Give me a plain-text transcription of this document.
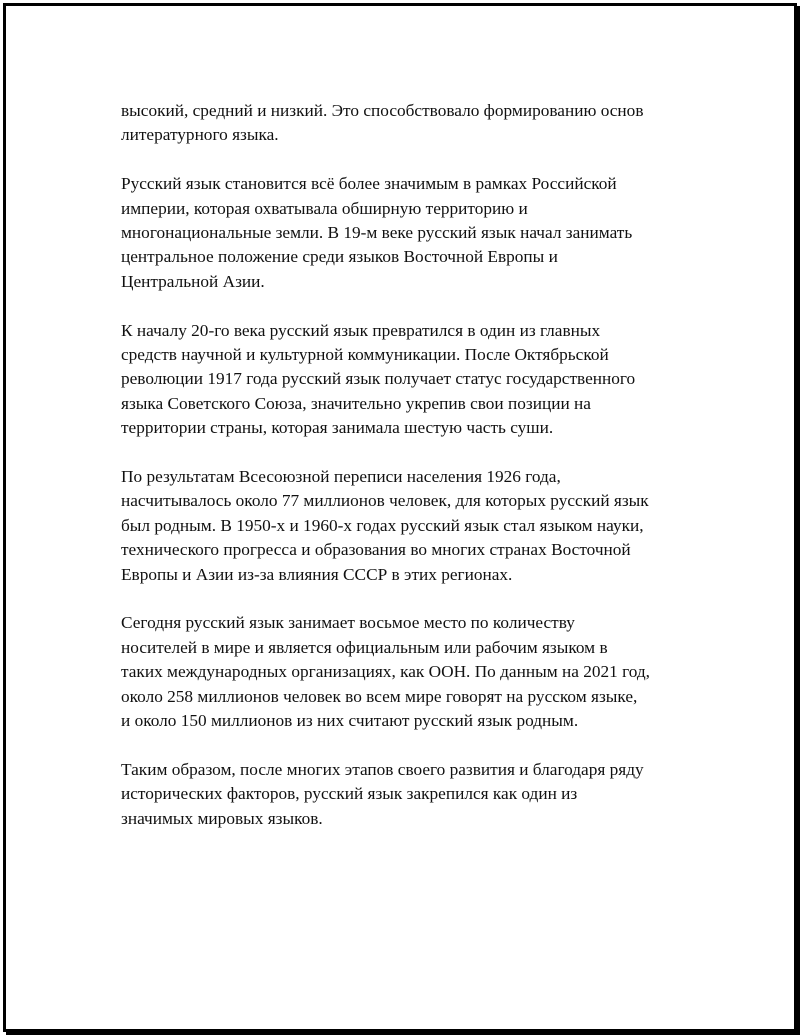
высокий, средний и низкий. Это способствовало формированию основ
литературного языка.

Русский язык становится всё более значимым в рамках Российской
империи, которая охватывала обширную территорию и
многонациональные земли. В 19-м веке русский язык начал занимать
центральное положение среди языков Восточной Европы и
Центральной Азии.

К началу 20-го века русский язык превратился в один из главных
средств научной и культурной коммуникации. После Октябрьской
революции 1917 года русский язык получает статус государственного
языка Советского Союза, значительно укрепив свои позиции на
территории страны, которая занимала шестую часть суши.

По результатам Всесоюзной переписи населения 1926 года,
насчитывалось около 77 миллионов человек, для которых русский язык
был родным. В 1950-х и 1960-х годах русский язык стал языком науки,
технического прогресса и образования во многих странах Восточной
Европы и Азии из-за влияния СССР в этих регионах.

Сегодня русский язык занимает восьмое место по количеству
носителей в мире и является официальным или рабочим языком в
таких международных организациях, как ООН. По данным на 2021 год,
около 258 миллионов человек во всем мире говорят на русском языке,
и около 150 миллионов из них считают русский язык родным.

Таким образом, после многих этапов своего развития и благодаря ряду
исторических факторов, русский язык закрепился как один из
значимых мировых языков.
